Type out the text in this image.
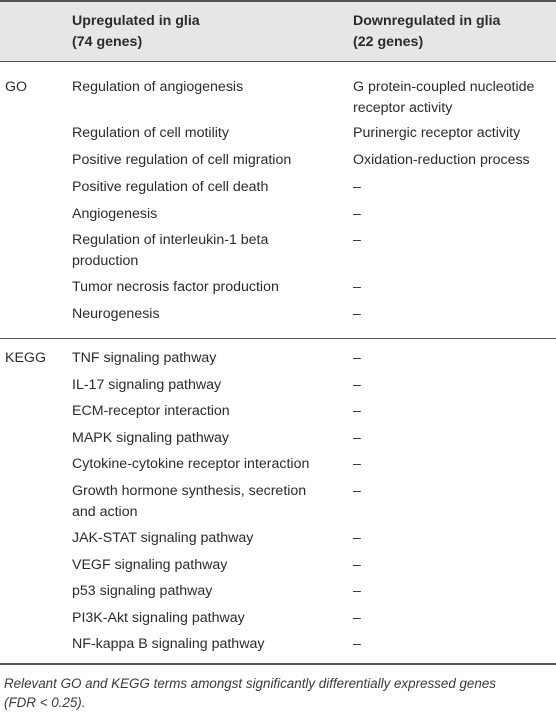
Upregulated in glia
(74 genes)
Downregulated in glia
(22 genes)
GO	Regulation of angiogenesis
Regulation of cell motility
Positive regulation of cell migration
Positive regulation of cell death
Angiogenesis
Regulation of interleukin-1 beta
production
Tumor necrosis factor production
Neurogenesis
G protein-coupled nucleotide
receptor activity
Purinergic receptor activity
Oxidation-reduction process
–
–
–
–
–
KEGG TNF signaling pathway
IL-17 signaling pathway
ECM-receptor interaction
MAPK signaling pathway
Cytokine-cytokine receptor interaction
Growth hormone synthesis, secretion
and action
JAK-STAT signaling pathway
VEGF signaling pathway
p53 signaling pathway
PI3K-Akt signaling pathway
NF-kappa B signaling pathway
–
–
–
–
–
–
–
–
–
–
–
Relevant GO and KEGG terms amongst significantly differentially expressed genes
(FDR < 0.25).
